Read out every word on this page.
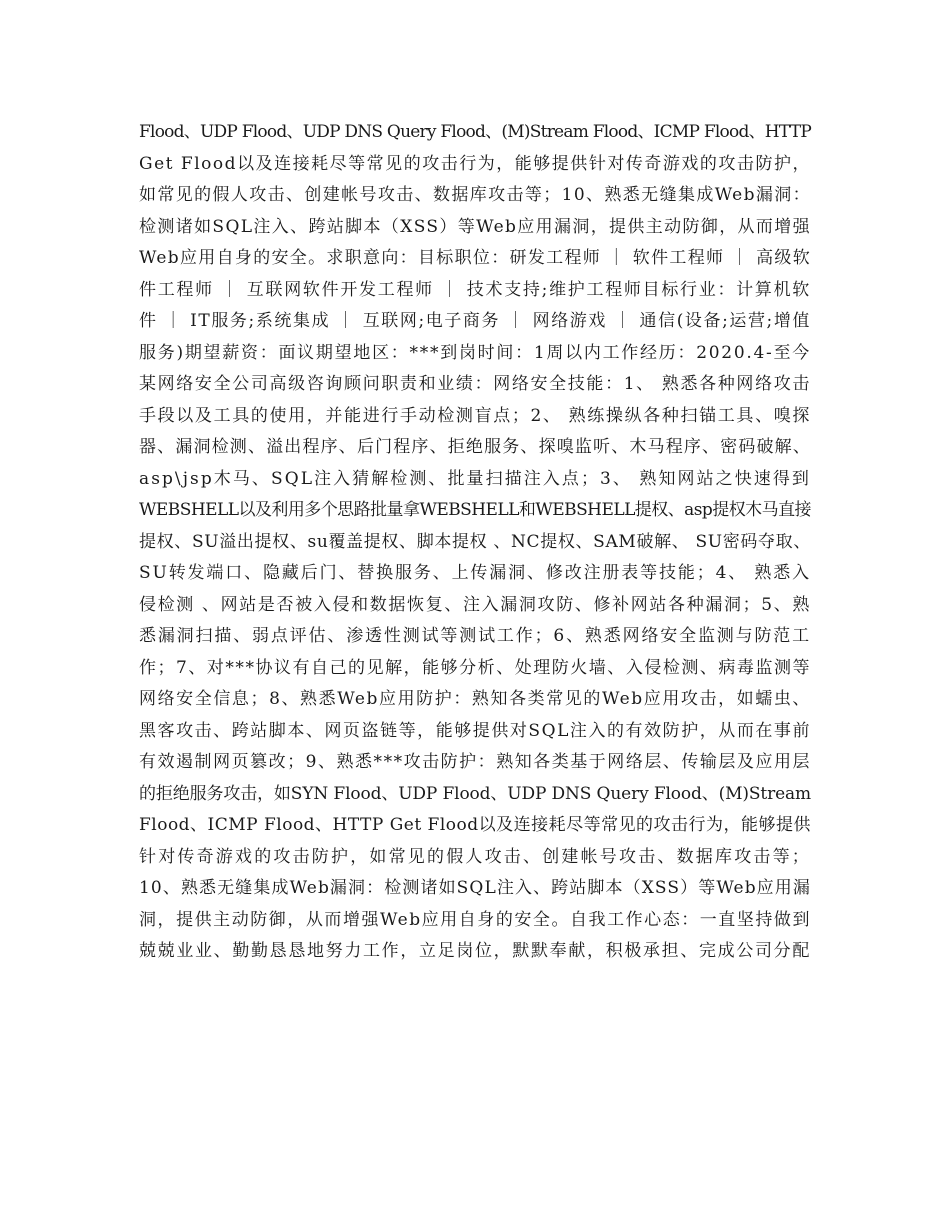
Flood、UDP Flood、UDP DNS Query Flood、(M)Stream Flood、ICMP Flood、HTTP
Get Flood以及连接耗尽等常见的攻击行为，能够提供针对传奇游戏的攻击防护，
如常见的假人攻击、创建帐号攻击、数据库攻击等；10、熟悉无缝集成Web漏洞：
检测诸如SQL注入、跨站脚本（XSS）等Web应用漏洞，提供主动防御，从而增强
Web应用自身的安全。求职意向：目标职位：研发工程师 ｜ 软件工程师 ｜ 高级软
件工程师 ｜ 互联网软件开发工程师 ｜ 技术支持;维护工程师目标行业：计算机软
件 ｜ IT服务;系统集成 ｜ 互联网;电子商务 ｜ 网络游戏 ｜ 通信(设备;运营;增值
服务)期望薪资：面议期望地区：***到岗时间：1周以内工作经历：2020.4-至今
某网络安全公司高级咨询顾问职责和业绩：网络安全技能：1、 熟悉各种网络攻击
手段以及工具的使用，并能进行手动检测盲点；2、 熟练操纵各种扫锚工具、嗅探
器、漏洞检测、溢出程序、后门程序、拒绝服务、探嗅监听、木马程序、密码破解、
asp\jsp木马、SQL注入猜解检测、批量扫描注入点；3、 熟知网站之快速得到
WEBSHELL以及利用多个思路批量拿WEBSHELL和WEBSHELL提权、asp提权木马直接
提权、SU溢出提权、su覆盖提权、脚本提权 、NC提权、SAM破解、 SU密码夺取、
SU转发端口、隐藏后门、替换服务、上传漏洞、修改注册表等技能；4、 熟悉入
侵检测 、网站是否被入侵和数据恢复、注入漏洞攻防、修补网站各种漏洞；5、熟
悉漏洞扫描、弱点评估、渗透性测试等测试工作；6、熟悉网络安全监测与防范工
作；7、对***协议有自己的见解，能够分析、处理防火墙、入侵检测、病毒监测等
网络安全信息；8、熟悉Web应用防护：熟知各类常见的Web应用攻击，如蠕虫、
黑客攻击、跨站脚本、网页盗链等，能够提供对SQL注入的有效防护，从而在事前
有效遏制网页篡改；9、熟悉***攻击防护：熟知各类基于网络层、传输层及应用层
的拒绝服务攻击，如SYN Flood、UDP Flood、UDP DNS Query Flood、(M)Stream
Flood、ICMP Flood、HTTP Get Flood以及连接耗尽等常见的攻击行为，能够提供
针对传奇游戏的攻击防护，如常见的假人攻击、创建帐号攻击、数据库攻击等；
10、熟悉无缝集成Web漏洞：检测诸如SQL注入、跨站脚本（XSS）等Web应用漏
洞，提供主动防御，从而增强Web应用自身的安全。自我工作心态：一直坚持做到
兢兢业业、勤勤恳恳地努力工作，立足岗位，默默奉献，积极承担、完成公司分配
